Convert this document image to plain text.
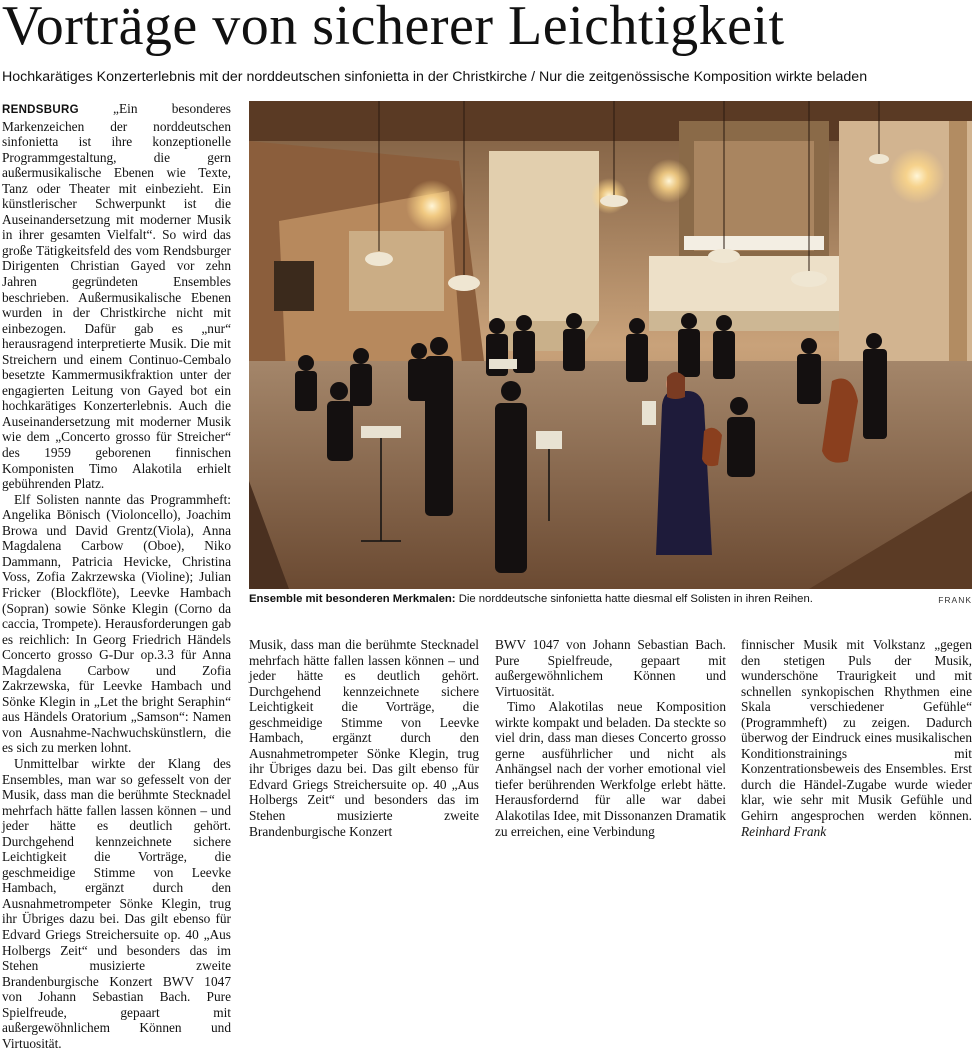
Vorträge von sicherer Leichtigkeit
Hochkarätiges Konzerterlebnis mit der norddeutschen sinfonietta in der Christkirche / Nur die zeitgenössische Komposition wirkte beladen

RENDSBURG	„Ein besonderes Markenzeichen der norddeutschen sinfonietta ist ihre konzeptionelle Programmgestaltung, die gern außermusikalische Ebenen wie Texte, Tanz oder Theater mit einbezieht. Ein künstlerischer Schwerpunkt ist die Auseinandersetzung mit moderner Musik in ihrer gesamten Vielfalt“. So wird das große Tätigkeitsfeld des vom Rendsburger Dirigenten Christian Gayed vor zehn Jahren gegründeten Ensembles beschrieben. Außermusikalische Ebenen wurden in der Christkirche nicht mit einbezogen. Dafür gab es „nur“ herausragend interpretierte Musik. Die mit Streichern und einem Continuo-Cembalo besetzte Kammermusikfraktion unter der engagierten Leitung von Gayed bot ein hochkarätiges Konzerterlebnis. Auch die Auseinandersetzung mit moderner Musik wie dem „Concerto grosso für Streicher“ des 1959 geborenen finnischen Komponisten Timo Alakotila erhielt gebührenden Platz.

Elf Solisten nannte das Programmheft: Angelika Bönisch (Violoncello), Joachim Browa und David Grentz(Viola), Anna Magdalena Carbow (Oboe), Niko Dammann, Patricia Hevicke, Christina Voss, Zofia Zakrzewska (Violine); Julian Fricker (Blockflöte), Leevke Hambach (Sopran) sowie Sönke Klegin (Corno da caccia, Trompete). Herausforderungen gab es reichlich: In Georg Friedrich Händels Concerto grosso G-Dur op.3.3 für Anna Magdalena Carbow und Zofia Zakrzewska, für Leevke Hambach und Sönke Klegin in „Let the bright Seraphin“ aus Händels Oratorium „Samson“: Namen von Ausnahme-Nachwuchskünstlern, die es sich zu merken lohnt.

Unmittelbar wirkte der Klang des Ensembles, man war so gefesselt von der Musik, dass man die berühmte Stecknadel mehrfach hätte fallen lassen können – und jeder hätte es deutlich gehört. Durchgehend kennzeichnete sichere Leichtigkeit die Vorträge, die geschmeidige Stimme von Leevke Hambach, ergänzt durch den Ausnahmetrompeter Sönke Klegin, trug ihr Übriges dazu bei. Das gilt ebenso für Edvard Griegs Streichersuite op. 40 „Aus Holbergs Zeit“ und besonders das im Stehen musizierte zweite Brandenburgische Konzert BWV 1047 von Johann Sebastian Bach. Pure Spielfreude, gepaart mit außergewöhnlichem Können und Virtuosität.

Musik, dass man die berühmte Stecknadel mehrfach hätte fallen lassen können – und jeder hätte es deutlich gehört. Durchgehend kennzeichnete sichere Leichtigkeit die Vorträge, die geschmeidige Stimme von Leevke Hambach, ergänzt durch den Ausnahmetrompeter Sönke Klegin, trug ihr Übriges dazu bei. Das gilt ebenso für Edvard Griegs Streichersuite op. 40 „Aus Holbergs Zeit“ und besonders das im Stehen musizierte zweite Brandenburgische Konzert

BWV 1047 von Johann Sebastian Bach. Pure Spielfreude, gepaart mit außergewöhnlichem Können und Virtuosität.

Timo Alakotilas neue Komposition wirkte kompakt und beladen. Da steckte so viel drin, dass man dieses Concerto grosso gerne ausführlicher und nicht als Anhängsel nach der vorher emotional viel tiefer berührenden Werkfolge erlebt hätte. Herausfordernd für alle war dabei Alakotilas Idee, mit Dissonanzen Dramatik zu erreichen, eine Verbindung

finnischer Musik mit Volkstanz „gegen den stetigen Puls der Musik, wunderschöne Traurigkeit und mit schnellen synkopischen Rhythmen eine Skala verschiedener Gefühle“ (Programmheft) zu zeigen. Dadurch überwog der Eindruck eines musikalischen Konditionstrainings mit Konzentrationsbeweis des Ensembles. Erst durch die Händel-Zugabe wurde wieder klar, wie sehr mit Musik Gefühle und Gehirn angesprochen werden können. Reinhard Frank

Ensemble mit besonderen Merkmalen: Die norddeutsche sinfonietta hatte diesmal elf Solisten in ihren Reihen.	FRANK
